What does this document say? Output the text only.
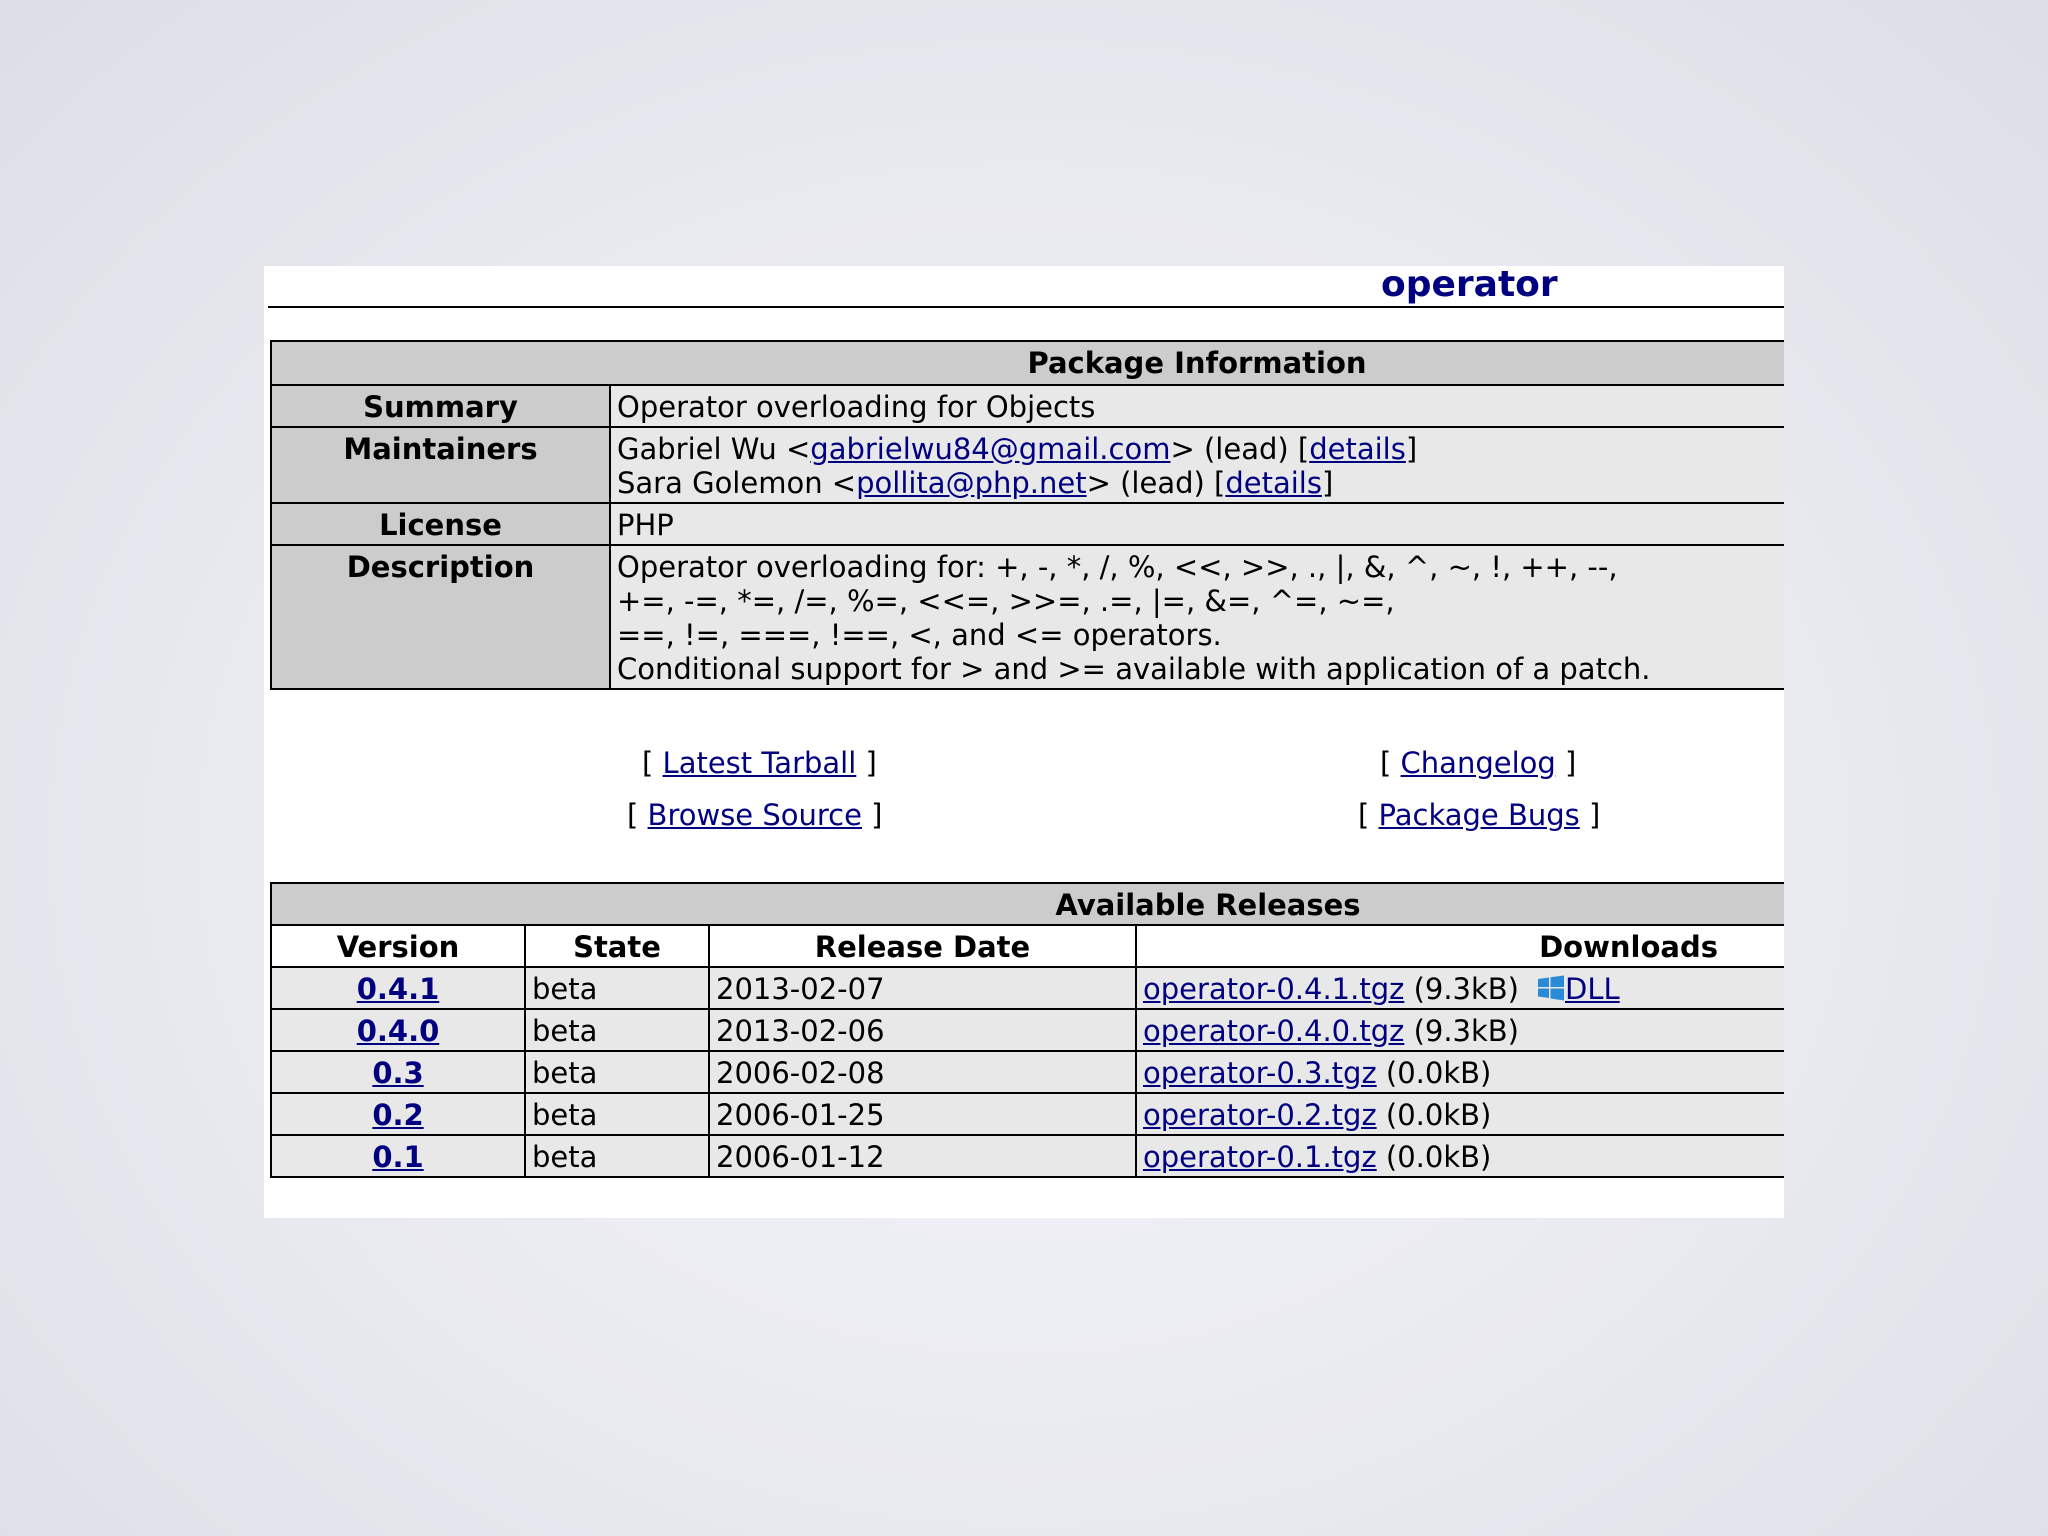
operator
Package Information	
Summary	Operator overloading for Objects
Maintainers	Gabriel Wu <gabrielwu84@gmail.com> (lead) [details]
Sara Golemon <pollita@php.net> (lead) [details]

License	PHP
Description	Operator overloading for: +, -, *, /, %, <<, >>, ., |, &, ^, ~, !, ++, --,
+=, -=, *=, /=, %=, <<=, >>=, .=, |=, &=, ^=, ~=,
==, !=, ===, !==, <, and <= operators.
Conditional support for > and >= available with application of a patch.
[ Latest Tarball ]	[ Changelog ]
[ Browse Source ]	[ Package Bugs ]
Available Releases			
Version	State	Release Date	Downloads
0.4.1	beta	2013-02-07	operator-0.4.1.tgz (9.3kB) DLL
0.4.0	beta	2013-02-06	operator-0.4.0.tgz (9.3kB)
0.3	beta	2006-02-08	operator-0.3.tgz (0.0kB)
0.2	beta	2006-01-25	operator-0.2.tgz (0.0kB)
0.1	beta	2006-01-12	operator-0.1.tgz (0.0kB)
